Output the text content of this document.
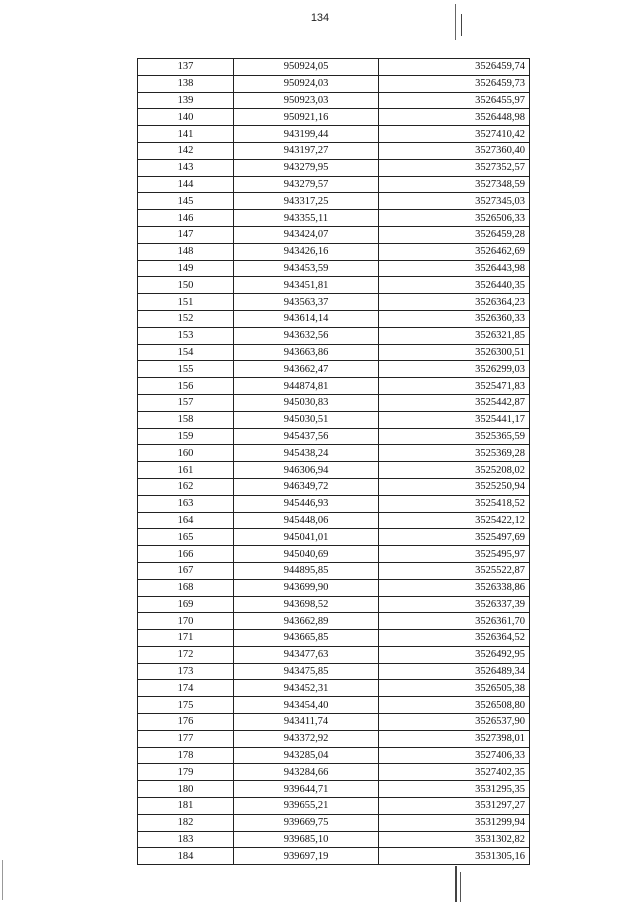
134
137	950924,05	3526459,74
138	950924,03	3526459,73
139	950923,03	3526455,97
140	950921,16	3526448,98
141	943199,44	3527410,42
142	943197,27	3527360,40
143	943279,95	3527352,57
144	943279,57	3527348,59
145	943317,25	3527345,03
146	943355,11	3526506,33
147	943424,07	3526459,28
148	943426,16	3526462,69
149	943453,59	3526443,98
150	943451,81	3526440,35
151	943563,37	3526364,23
152	943614,14	3526360,33
153	943632,56	3526321,85
154	943663,86	3526300,51
155	943662,47	3526299,03
156	944874,81	3525471,83
157	945030,83	3525442,87
158	945030,51	3525441,17
159	945437,56	3525365,59
160	945438,24	3525369,28
161	946306,94	3525208,02
162	946349,72	3525250,94
163	945446,93	3525418,52
164	945448,06	3525422,12
165	945041,01	3525497,69
166	945040,69	3525495,97
167	944895,85	3525522,87
168	943699,90	3526338,86
169	943698,52	3526337,39
170	943662,89	3526361,70
171	943665,85	3526364,52
172	943477,63	3526492,95
173	943475,85	3526489,34
174	943452,31	3526505,38
175	943454,40	3526508,80
176	943411,74	3526537,90
177	943372,92	3527398,01
178	943285,04	3527406,33
179	943284,66	3527402,35
180	939644,71	3531295,35
181	939655,21	3531297,27
182	939669,75	3531299,94
183	939685,10	3531302,82
184	939697,19	3531305,16
